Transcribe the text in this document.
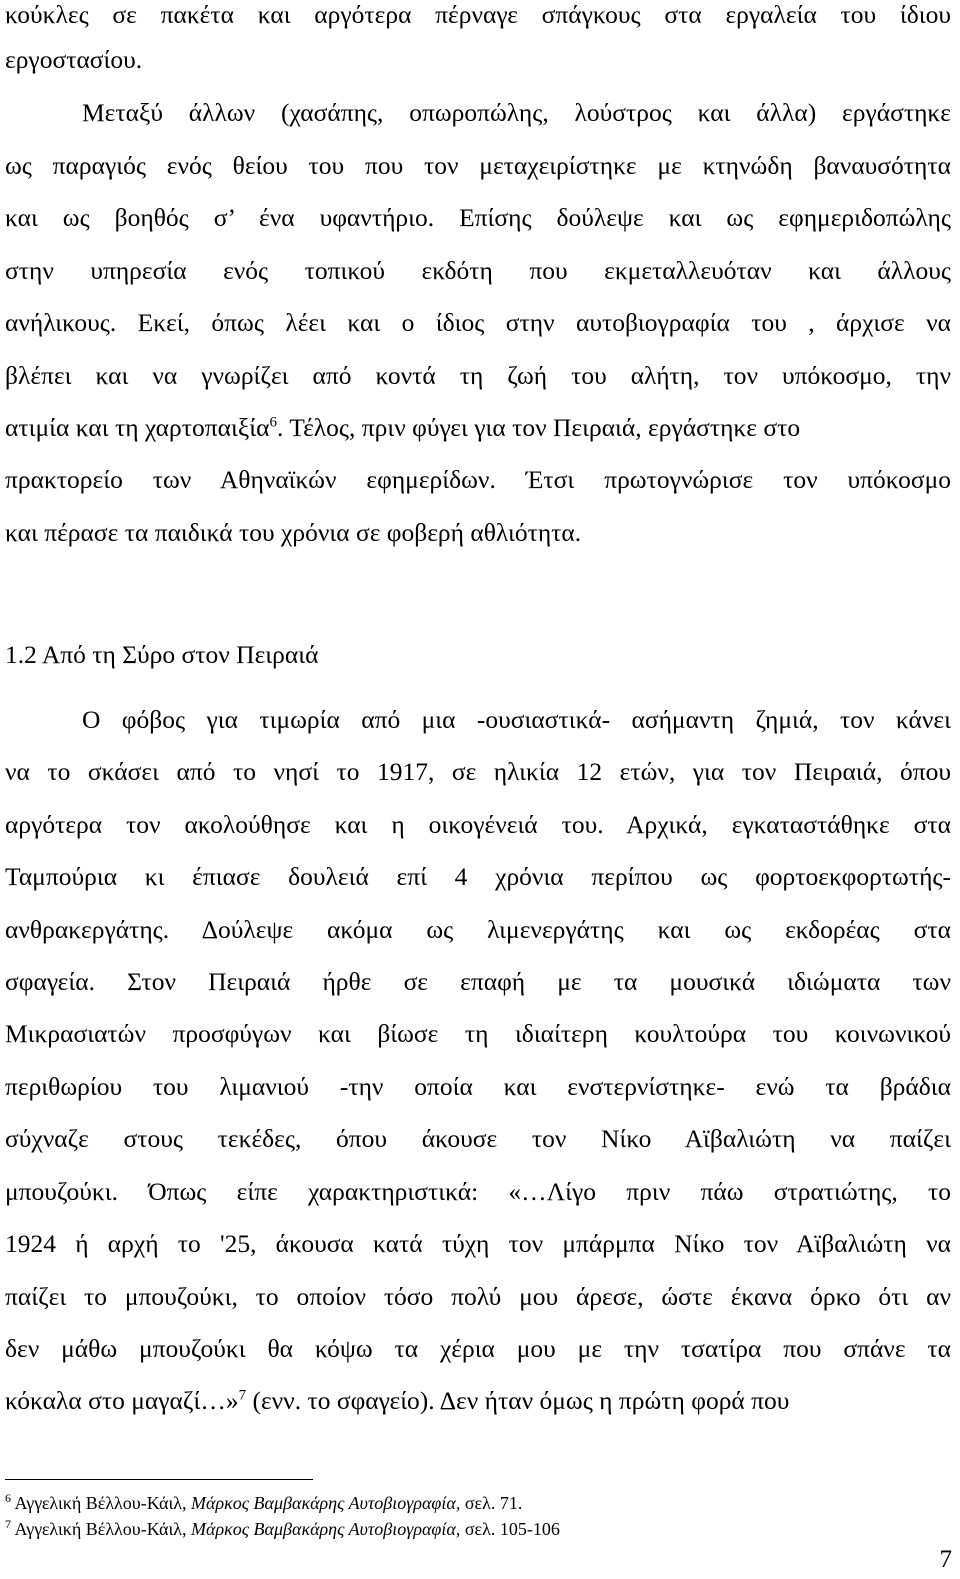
κούκλες σε πακέτα και αργότερα πέρναγε σπάγκους στα εργαλεία του ίδιου

εργοστασίου.

Μεταξύ άλλων (χασάπης, οπωροπώλης, λούστρος και άλλα) εργάστηκε

ως παραγιός ενός θείου του που τον μεταχειρίστηκε με κτηνώδη βαναυσότητα

και ως βοηθός σ’ ένα υφαντήριο. Επίσης δούλεψε και ως εφημεριδοπώλης

στην υπηρεσία ενός τοπικού εκδότη που εκμεταλλευόταν και άλλους

ανήλικους. Εκεί, όπως λέει και ο ίδιος στην αυτοβιογραφία του , άρχισε να

βλέπει και να γνωρίζει από κοντά τη ζωή του αλήτη, τον υπόκοσμο, την

ατιμία και τη χαρτοπαιξία$^6$. Τέλος, πριν φύγει για τον Πειραιά, εργάστηκε στο

πρακτορείο των Αθηναϊκών εφημερίδων. Έτσι πρωτογνώρισε τον υπόκοσμο

και πέρασε τα παιδικά του χρόνια σε φοβερή αθλιότητα.

1.2 Από τη Σύρο στον Πειραιά

Ο φόβος για τιμωρία από μια -ουσιαστικά- ασήμαντη ζημιά, τον κάνει

να το σκάσει από το νησί το 1917, σε ηλικία 12 ετών, για τον Πειραιά, όπου

αργότερα τον ακολούθησε και η οικογένειά του. Αρχικά, εγκαταστάθηκε στα

Ταμπούρια κι έπιασε δουλειά επί 4 χρόνια περίπου ως φορτοεκφορτωτής-

ανθρακεργάτης. Δούλεψε ακόμα ως λιμενεργάτης και ως εκδορέας στα

σφαγεία. Στον Πειραιά ήρθε σε επαφή με τα μουσικά ιδιώματα των

Μικρασιατών προσφύγων και βίωσε τη ιδιαίτερη κουλτούρα του κοινωνικού

περιθωρίου του λιμανιού -την οποία και ενστερνίστηκε- ενώ τα βράδια

σύχναζε στους τεκέδες, όπου άκουσε τον Νίκο Αϊβαλιώτη να παίζει

μπουζούκι. Όπως είπε χαρακτηριστικά: «…Λίγο πριν πάω στρατιώτης, το

1924 ή αρχή το '25, άκουσα κατά τύχη τον μπάρμπα Νίκο τον Αϊβαλιώτη να

παίζει το μπουζούκι, το οποίον τόσο πολύ μου άρεσε, ώστε έκανα όρκο ότι αν

δεν μάθω μπουζούκι θα κόψω τα χέρια μου με την τσατίρα που σπάνε τα

κόκαλα στο μαγαζί…»$^7$ (ενν. το σφαγείο). Δεν ήταν όμως η πρώτη φορά που

$^6$ Αγγελική Βέλλου-Κάιλ, Μάρκος Βαμβακάρης Αυτοβιογραφία, σελ. 71.
$^7$ Αγγελική Βέλλου-Κάιλ, Μάρκος Βαμβακάρης Αυτοβιογραφία, σελ. 105-106
7
